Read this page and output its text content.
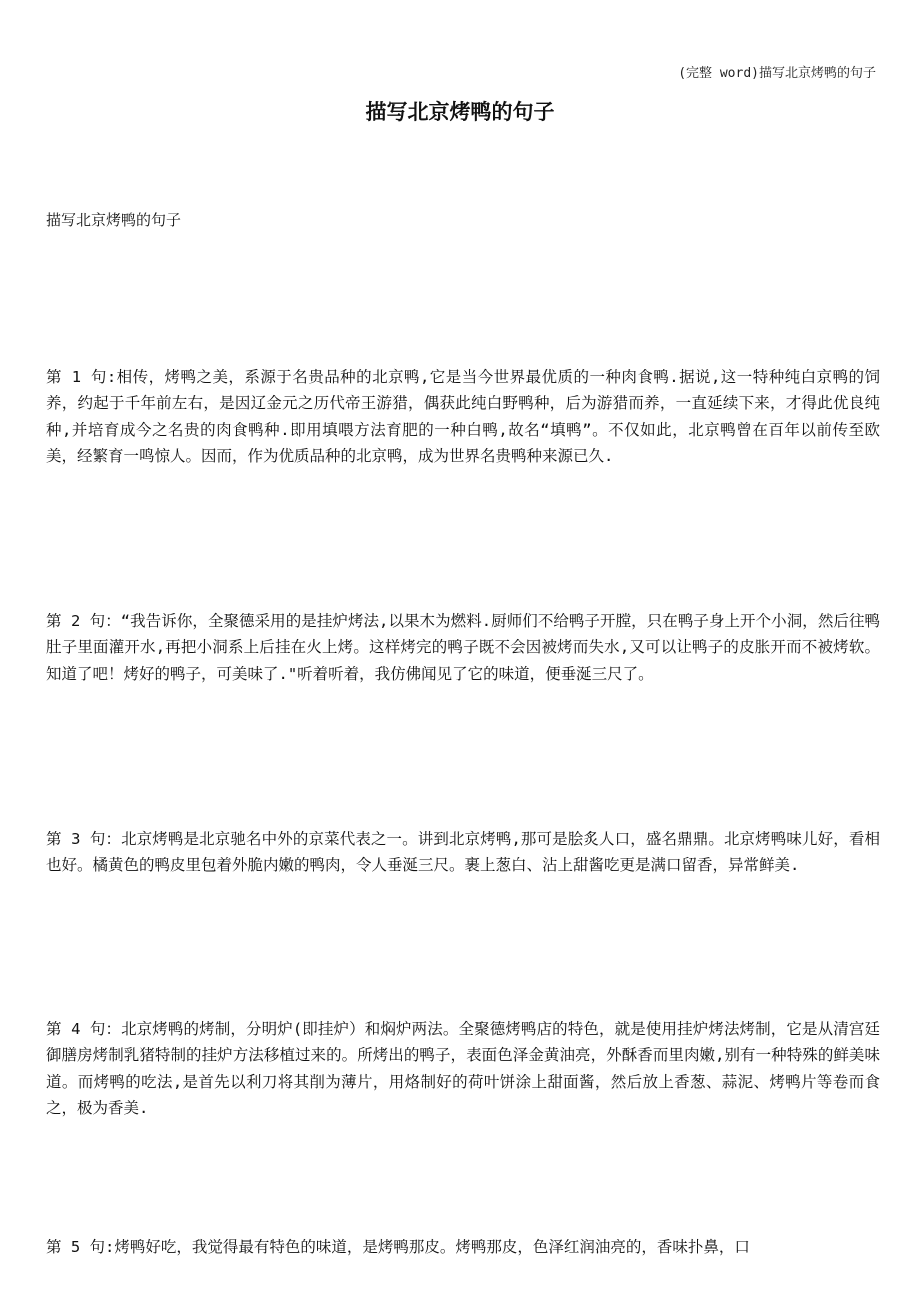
(完整 word)描写北京烤鸭的句子
描写北京烤鸭的句子
描写北京烤鸭的句子

第 1 句:相传，烤鸭之美，系源于名贵品种的北京鸭,它是当今世界最优质的一种肉食鸭.据说,这一特种纯白京鸭的饲养，约起于千年前左右，是因辽金元之历代帝王游猎，偶获此纯白野鸭种，后为游猎而养，一直延续下来，才得此优良纯种,并培育成今之名贵的肉食鸭种.即用填喂方法育肥的一种白鸭,故名“填鸭”。不仅如此，北京鸭曾在百年以前传至欧美，经繁育一鸣惊人。因而，作为优质品种的北京鸭，成为世界名贵鸭种来源已久.

第 2 句：“我告诉你，全聚德采用的是挂炉烤法,以果木为燃料.厨师们不给鸭子开膛，只在鸭子身上开个小洞，然后往鸭肚子里面灌开水,再把小洞系上后挂在火上烤。这样烤完的鸭子既不会因被烤而失水,又可以让鸭子的皮胀开而不被烤软。知道了吧！烤好的鸭子，可美味了."听着听着，我仿佛闻见了它的味道，便垂涎三尺了。

第 3 句：北京烤鸭是北京驰名中外的京菜代表之一。讲到北京烤鸭,那可是脍炙人口，盛名鼎鼎。北京烤鸭味儿好，看相也好。橘黄色的鸭皮里包着外脆内嫩的鸭肉，令人垂涎三尺。裹上葱白、沾上甜酱吃更是满口留香，异常鲜美.

第 4 句：北京烤鸭的烤制，分明炉(即挂炉）和焖炉两法。全聚德烤鸭店的特色，就是使用挂炉烤法烤制，它是从清宫廷御膳房烤制乳猪特制的挂炉方法移植过来的。所烤出的鸭子，表面色泽金黄油亮，外酥香而里肉嫩,别有一种特殊的鲜美味道。而烤鸭的吃法,是首先以利刀将其削为薄片，用烙制好的荷叶饼涂上甜面酱，然后放上香葱、蒜泥、烤鸭片等卷而食之，极为香美.

第 5 句:烤鸭好吃，我觉得最有特色的味道，是烤鸭那皮。烤鸭那皮，色泽红润油亮的，香味扑鼻，口
